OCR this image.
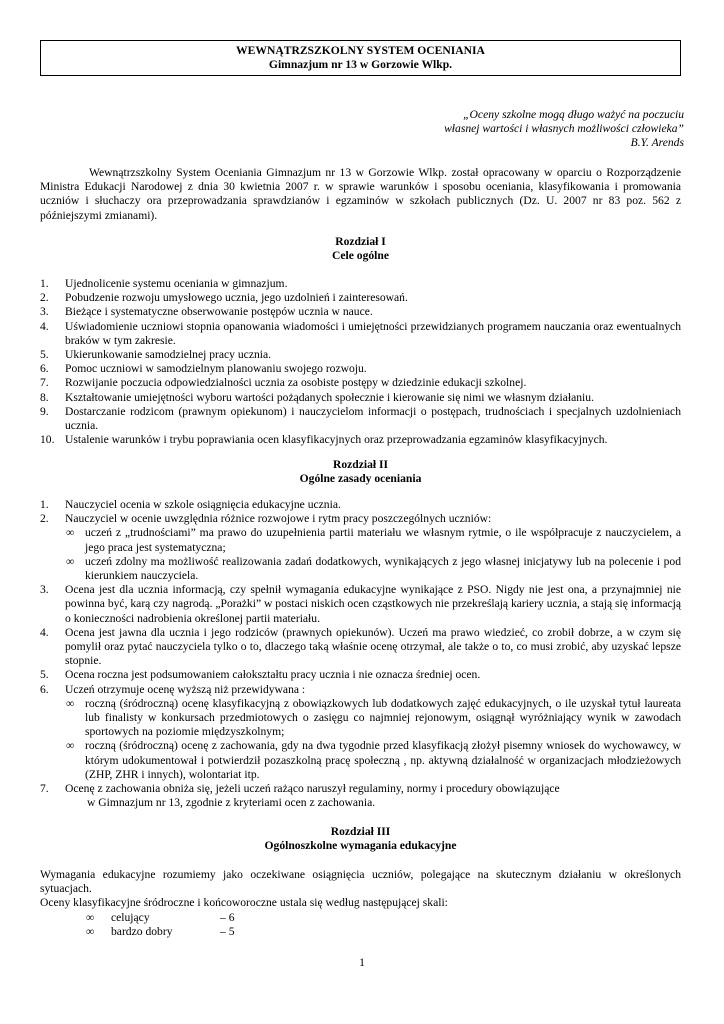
WEWNĄTRZSZKOLNY SYSTEM OCENIANIA
Gimnazjum nr 13 w Gorzowie Wlkp.
„Oceny szkolne mogą długo ważyć na poczuciu
własnej wartości i własnych możliwości człowieka”
B.Y. Arends

Wewnątrzszkolny System Oceniania Gimnazjum nr 13 w Gorzowie Wlkp. został opracowany w oparciu o Rozporządzenie Ministra Edukacji Narodowej z dnia 30 kwietnia 2007 r. w sprawie warunków i sposobu oceniania, klasyfikowania i promowania uczniów i słuchaczy ora przeprowadzania sprawdzianów i egzaminów w szkołach publicznych (Dz. U. 2007 nr 83 poz. 562 z późniejszymi zmianami).

Rozdział I
Cele ogólne
1.	Ujednolicenie systemu oceniania w gimnazjum.
2.	Pobudzenie rozwoju umysłowego ucznia, jego uzdolnień i zainteresowań.
3.	Bieżące i systematyczne obserwowanie postępów ucznia w nauce.
4.	Uświadomienie uczniowi stopnia opanowania wiadomości i umiejętności przewidzianych programem nauczania oraz ewentualnych braków w tym zakresie.
5.	Ukierunkowanie samodzielnej pracy ucznia.
6.	Pomoc uczniowi w samodzielnym planowaniu swojego rozwoju.
7.	Rozwijanie poczucia odpowiedzialności ucznia za osobiste postępy w dziedzinie edukacji szkolnej.
8.	Kształtowanie umiejętności wyboru wartości pożądanych społecznie i kierowanie się nimi we własnym działaniu.
9.	Dostarczanie rodzicom (prawnym opiekunom) i nauczycielom informacji o postępach, trudnościach i specjalnych uzdolnieniach ucznia.
10. Ustalenie warunków i trybu poprawiania ocen klasyfikacyjnych oraz przeprowadzania egzaminów klasyfikacyjnych.
Rozdział II
Ogólne zasady oceniania
1.	Nauczyciel ocenia w szkole osiągnięcia edukacyjne ucznia.
2.	Nauczyciel w ocenie uwzględnia różnice rozwojowe i rytm pracy poszczególnych uczniów:
∞ uczeń z „trudnościami” ma prawo do uzupełnienia partii materiału we własnym rytmie, o ile współpracuje z nauczycielem, a jego praca jest systematyczna;
∞ uczeń zdolny ma możliwość realizowania zadań dodatkowych, wynikających z jego własnej inicjatywy lub na polecenie i pod kierunkiem nauczyciela.
3.	Ocena jest dla ucznia informacją, czy spełnił wymagania edukacyjne wynikające z PSO. Nigdy nie jest ona, a przynajmniej nie powinna być, karą czy nagrodą. „Porażki” w postaci niskich ocen cząstkowych nie przekreślają kariery ucznia, a stają się informacją o konieczności nadrobienia określonej partii materiału.
4.	Ocena jest jawna dla ucznia i jego rodziców (prawnych opiekunów). Uczeń ma prawo wiedzieć, co zrobił dobrze, a w czym się pomylił oraz pytać nauczyciela tylko o to, dlaczego taką właśnie ocenę otrzymał, ale także o to, co musi zrobić, aby uzyskać lepsze stopnie.
5.	Ocena roczna jest podsumowaniem całokształtu pracy ucznia i nie oznacza średniej ocen.
6.	Uczeń otrzymuje ocenę wyższą niż przewidywana :
∞ roczną (śródroczną) ocenę klasyfikacyjną z obowiązkowych lub dodatkowych zajęć edukacyjnych, o ile uzyskał tytuł laureata lub finalisty w konkursach przedmiotowych o zasięgu co najmniej rejonowym, osiągnął wyróżniający wynik w zawodach sportowych na poziomie międzyszkolnym;
∞ roczną (śródroczną) ocenę z zachowania, gdy na dwa tygodnie przed klasyfikacją złożył pisemny wniosek do wychowawcy, w którym udokumentował i potwierdził pozaszkolną pracę społeczną , np. aktywną działalność w organizacjach młodzieżowych (ZHP, ZHR i innych), wolontariat itp.
7.	Ocenę z zachowania obniża się, jeżeli uczeń rażąco naruszył regulaminy, normy i procedury obowiązujące
w Gimnazjum nr 13, zgodnie z kryteriami ocen z zachowania.
Rozdział III
Ogólnoszkolne wymagania edukacyjne

Wymagania edukacyjne rozumiemy jako oczekiwane osiągnięcia uczniów, polegające na skutecznym działaniu w określonych sytuacjach.

Oceny klasyfikacyjne śródroczne i końcoworoczne ustala się według następującej skali:

∞ celujący	– 6
∞ bardzo dobry	– 5
1
